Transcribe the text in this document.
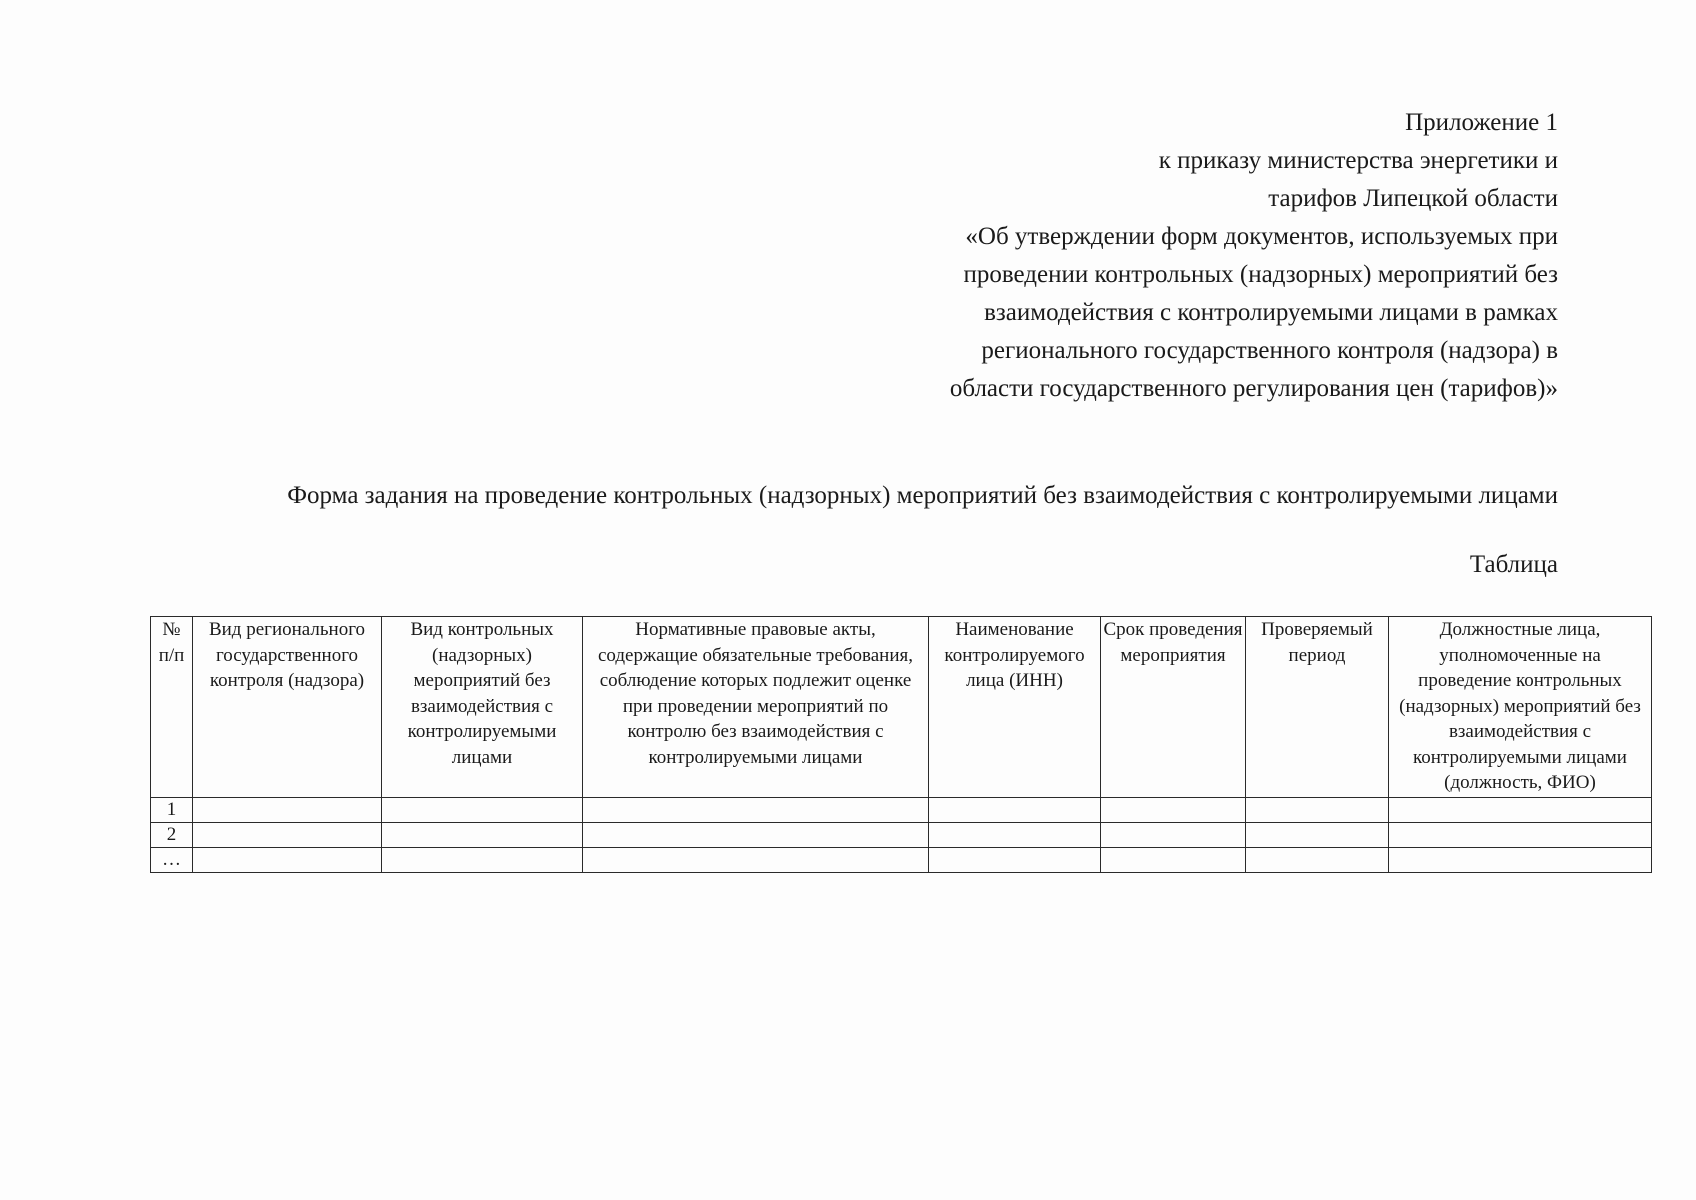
Приложение 1
к приказу министерства энергетики и
тарифов Липецкой области
«Об утверждении форм документов, используемых при
проведении контрольных (надзорных) мероприятий без
взаимодействия с контролируемыми лицами в рамках
регионального государственного контроля (надзора) в
области государственного регулирования цен (тарифов)»
Форма задания на проведение контрольных (надзорных) мероприятий без взаимодействия с контролируемыми лицами
Таблица
№ п/п	Вид регионального государственного контроля (надзора)	Вид контрольных (надзорных) мероприятий без взаимодействия с контролируемыми лицами	Нормативные правовые акты, содержащие обязательные требования, соблюдение которых подлежит оценке при проведении мероприятий по контролю без взаимодействия с контролируемыми лицами	Наименование контролируемого лица (ИНН)	Срок проведения мероприятия	Проверяемый период	Должностные лица, уполномоченные на проведение контрольных (надзорных) мероприятий без взаимодействия с контролируемыми лицами (должность, ФИО)
1							
2							
…							
